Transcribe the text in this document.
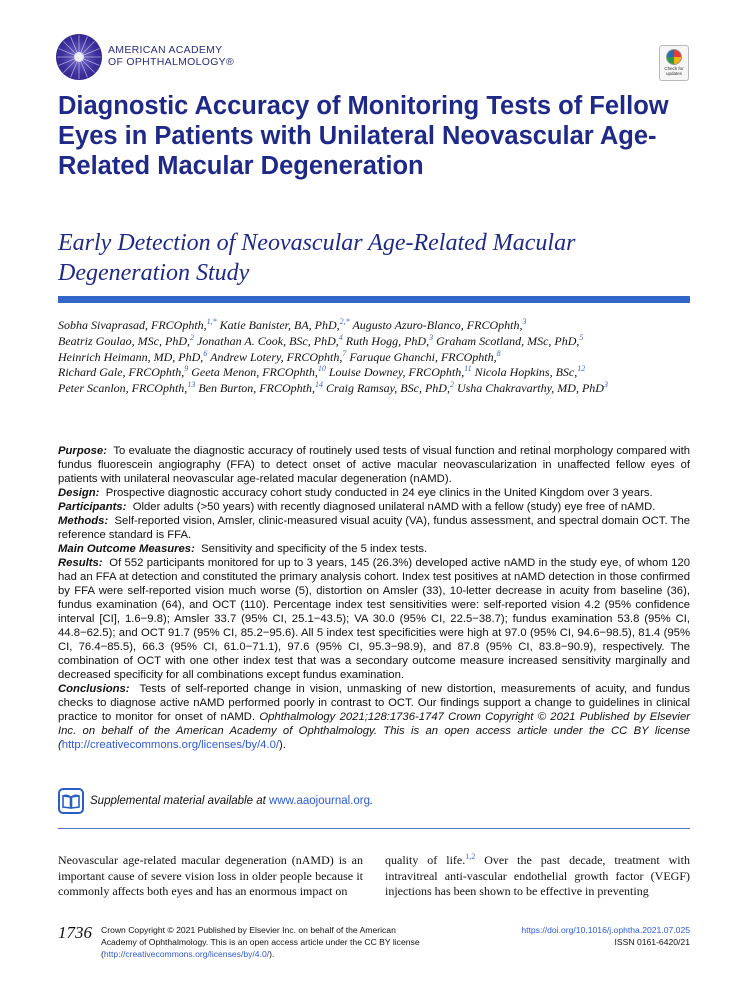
AMERICAN ACADEMY
OF OPHTHALMOLOGY®
Check for
updates
Diagnostic Accuracy of Monitoring Tests of Fellow Eyes in Patients with Unilateral Neovascular Age-Related Macular Degeneration
Early Detection of Neovascular Age-Related Macular Degeneration Study
Sobha Sivaprasad, FRCOphth,$^{1,*}$ Katie Banister, BA, PhD,$^{2,*}$ Augusto Azuro-Blanco, FRCOphth,$^3$
Beatriz Goulao, MSc, PhD,$^2$ Jonathan A. Cook, BSc, PhD,$^4$ Ruth Hogg, PhD,$^3$ Graham Scotland, MSc, PhD,$^5$
Heinrich Heimann, MD, PhD,$^6$ Andrew Lotery, FRCOphth,$^7$ Faruque Ghanchi, FRCOphth,$^8$
Richard Gale, FRCOphth,$^9$ Geeta Menon, FRCOphth,$^{10}$ Louise Downey, FRCOphth,$^{11}$ Nicola Hopkins, BSc,$^{12}$
Peter Scanlon, FRCOphth,$^{13}$ Ben Burton, FRCOphth,$^{14}$ Craig Ramsay, BSc, PhD,$^2$ Usha Chakravarthy, MD, PhD$^3$

Purpose: To evaluate the diagnostic accuracy of routinely used tests of visual function and retinal morphology compared with fundus fluorescein angiography (FFA) to detect onset of active macular neovascularization in unaffected fellow eyes of patients with unilateral neovascular age-related macular degeneration (nAMD).

Design: Prospective diagnostic accuracy cohort study conducted in 24 eye clinics in the United Kingdom over 3 years.

Participants: Older adults (>50 years) with recently diagnosed unilateral nAMD with a fellow (study) eye free of nAMD.

Methods: Self-reported vision, Amsler, clinic-measured visual acuity (VA), fundus assessment, and spectral domain OCT. The reference standard is FFA.

Main Outcome Measures: Sensitivity and specificity of the 5 index tests.

Results: Of 552 participants monitored for up to 3 years, 145 (26.3%) developed active nAMD in the study eye, of whom 120 had an FFA at detection and constituted the primary analysis cohort. Index test positives at nAMD detection in those confirmed by FFA were self-reported vision much worse (5), distortion on Amsler (33), 10-letter decrease in acuity from baseline (36), fundus examination (64), and OCT (110). Percentage index test sensitivities were: self-reported vision 4.2 (95% confidence interval [CI], 1.6−9.8); Amsler 33.7 (95% CI, 25.1−43.5); VA 30.0 (95% CI, 22.5−38.7); fundus examination 53.8 (95% CI, 44.8−62.5); and OCT 91.7 (95% CI, 85.2−95.6). All 5 index test specificities were high at 97.0 (95% CI, 94.6−98.5), 81.4 (95% CI, 76.4−85.5), 66.3 (95% CI, 61.0−71.1), 97.6 (95% CI, 95.3−98.9), and 87.8 (95% CI, 83.8−90.9), respectively. The combination of OCT with one other index test that was a secondary outcome measure increased sensitivity marginally and decreased specificity for all combinations except fundus examination.

Conclusions: Tests of self-reported change in vision, unmasking of new distortion, measurements of acuity, and fundus checks to diagnose active nAMD performed poorly in contrast to OCT. Our findings support a change to guidelines in clinical practice to monitor for onset of nAMD. Ophthalmology 2021;128:1736-1747 Crown Copyright © 2021 Published by Elsevier Inc. on behalf of the American Academy of Ophthalmology. This is an open access article under the CC BY license (http://creativecommons.org/licenses/by/4.0/).

Supplemental material available at www.aaojournal.org.
Neovascular age-related macular degeneration (nAMD) is an important cause of severe vision loss in older people because it commonly affects both eyes and has an enormous impact on
quality of life.$^{1,2}$ Over the past decade, treatment with intravitreal anti-vascular endothelial growth factor (VEGF) injections has been shown to be effective in preventing
1736 Crown Copyright © 2021 Published by Elsevier Inc. on behalf of the American Academy of Ophthalmology. This is an open access article under the CC BY license
(http://creativecommons.org/licenses/by/4.0/).
https://doi.org/10.1016/j.ophtha.2021.07.025
ISSN 0161-6420/21
